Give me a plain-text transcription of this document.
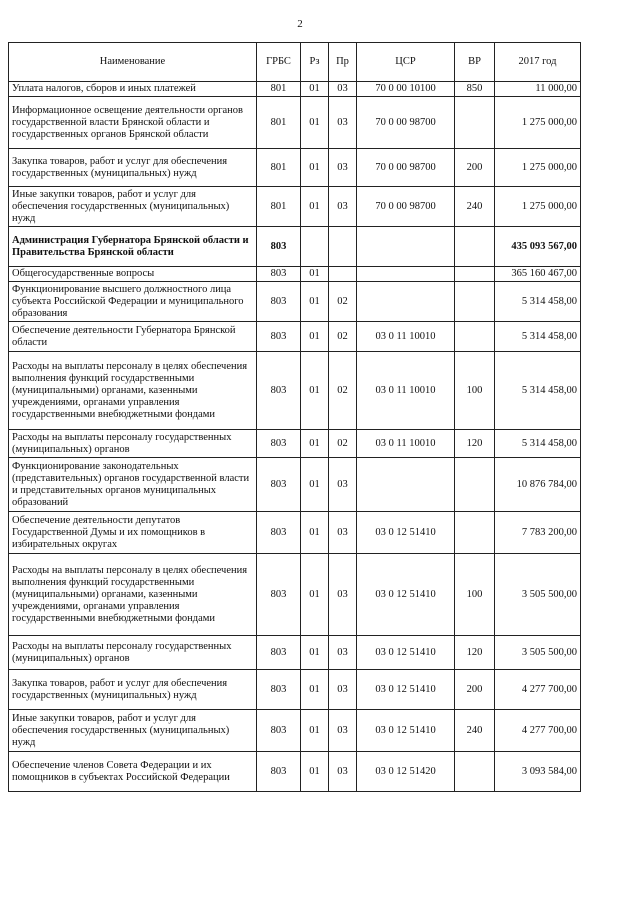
2
Наименование	ГРБС	Рз	Пр	ЦСР	ВР	2017 год
Уплата налогов, сборов и иных платежей	801	01	03	70 0 00 10100	850	11 000,00
Информационное освещение деятельности органов государственной власти Брянской области и государственных органов Брянской области	801	01	03	70 0 00 98700		1 275 000,00
Закупка товаров, работ и услуг для обеспечения государственных (муниципальных) нужд	801	01	03	70 0 00 98700	200	1 275 000,00
Иные закупки товаров, работ и услуг для обеспечения государственных (муниципальных) нужд	801	01	03	70 0 00 98700	240	1 275 000,00
Администрация Губернатора Брянской области и Правительства Брянской области	803					435 093 567,00
Общегосударственные вопросы	803	01				365 160 467,00
Функционирование высшего должностного лица субъекта Российской Федерации и муниципального образования	803	01	02			5 314 458,00
Обеспечение деятельности Губернатора Брянской области	803	01	02	03 0 11 10010		5 314 458,00
Расходы на выплаты персоналу в целях обеспечения выполнения функций государственными (муниципальными) органами, казенными учреждениями, органами управления государственными внебюджетными фондами	803	01	02	03 0 11 10010	100	5 314 458,00
Расходы на выплаты персоналу государственных (муниципальных) органов	803	01	02	03 0 11 10010	120	5 314 458,00
Функционирование законодательных (представительных) органов государственной власти и представительных органов муниципальных образований	803	01	03			10 876 784,00
Обеспечение деятельности депутатов Государственной Думы и их помощников в избирательных округах	803	01	03	03 0 12 51410		7 783 200,00
Расходы на выплаты персоналу в целях обеспечения выполнения функций государственными (муниципальными) органами, казенными учреждениями, органами управления государственными внебюджетными фондами	803	01	03	03 0 12 51410	100	3 505 500,00
Расходы на выплаты персоналу государственных (муниципальных) органов	803	01	03	03 0 12 51410	120	3 505 500,00
Закупка товаров, работ и услуг для обеспечения государственных (муниципальных) нужд	803	01	03	03 0 12 51410	200	4 277 700,00
Иные закупки товаров, работ и услуг для обеспечения государственных (муниципальных) нужд	803	01	03	03 0 12 51410	240	4 277 700,00
Обеспечение членов Совета Федерации и их помощников в субъектах Российской Федерации	803	01	03	03 0 12 51420		3 093 584,00
